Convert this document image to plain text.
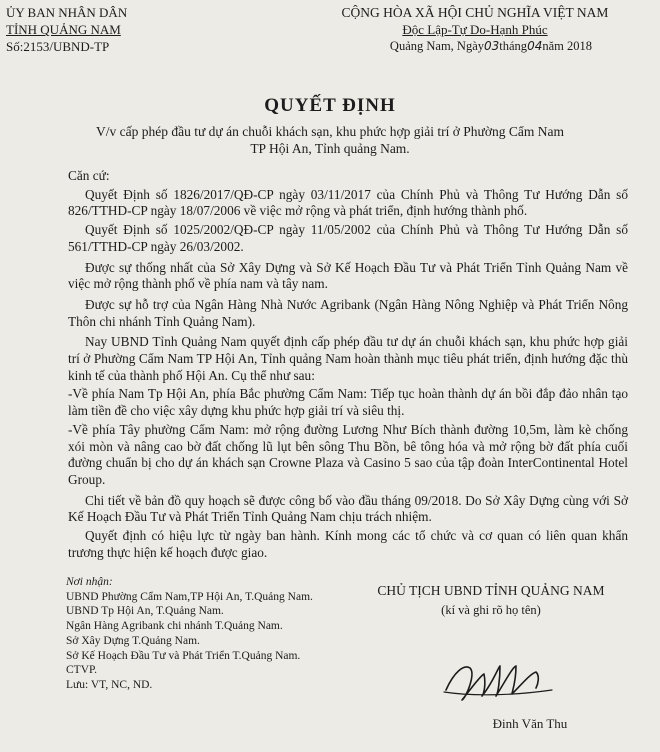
ỦY BAN NHÂN DÂN
TỈNH QUẢNG NAM
Số:2153/UBND-TP
CỘNG HÒA XÃ HỘI CHỦ NGHĨA VIỆT NAM
Độc Lập-Tự Do-Hạnh Phúc
Quảng Nam, Ngày03tháng04năm 2018
QUYẾT ĐỊNH
V/v cấp phép đầu tư dự án chuỗi khách sạn, khu phức hợp giải trí ở Phường Cẩm Nam
TP Hội An, Tỉnh quảng Nam.

Căn cứ:

Quyết Định số 1826/2017/QĐ-CP ngày 03/11/2017 của Chính Phủ và Thông Tư Hướng Dẫn số 826/TTHD-CP ngày 18/07/2006 về việc mở rộng và phát triển, định hướng thành phố.

Quyết Định số 1025/2002/QĐ-CP ngày 11/05/2002 của Chính Phủ và Thông Tư Hướng Dẫn số 561/TTHD-CP ngày 26/03/2002.

Được sự thống nhất của Sở Xây Dựng và Sở Kế Hoạch Đầu Tư và Phát Triển Tỉnh Quảng Nam về việc mở rộng thành phố về phía nam và tây nam.

Được sự hỗ trợ của Ngân Hàng Nhà Nước Agribank (Ngân Hàng Nông Nghiệp và Phát Triển Nông Thôn chi nhánh Tỉnh Quảng Nam).

Nay UBND Tỉnh Quảng Nam quyết định cấp phép đầu tư dự án chuỗi khách sạn, khu phức hợp giải trí ở Phường Cẩm Nam TP Hội An, Tỉnh quảng Nam hoàn thành mục tiêu phát triển, định hướng đặc thù kinh tế của thành phố Hội An. Cụ thể như sau:

-Về phía Nam Tp Hội An, phía Bắc phường Cẩm Nam: Tiếp tục hoàn thành dự án bồi đắp đảo nhân tạo làm tiền đề cho việc xây dựng khu phức hợp giải trí và siêu thị.

-Về phía Tây phường Cẩm Nam: mở rộng đường Lương Như Bích thành đường 10,5m, làm kè chống xói mòn và nâng cao bờ đất chống lũ lụt bên sông Thu Bồn, bê tông hóa và mở rộng bờ đất phía cuối đường chuẩn bị cho dự án khách sạn Crowne Plaza và Casino 5 sao của tập đoàn InterContinental Hotel Group.

Chi tiết về bản đồ quy hoạch sẽ được công bố vào đầu tháng 09/2018. Do Sở Xây Dựng cùng với Sở Kế Hoạch Đầu Tư và Phát Triển Tỉnh Quảng Nam chịu trách nhiệm.

Quyết định có hiệu lực từ ngày ban hành. Kính mong các tổ chức và cơ quan có liên quan khẩn trương thực hiện kế hoạch được giao.

Nơi nhận:
UBND Phường Cẩm Nam,TP Hội An, T.Quảng Nam.
UBND Tp Hội An, T.Quảng Nam.
Ngân Hàng Agribank chi nhánh T.Quảng Nam.
Sở Xây Dựng T.Quảng Nam.
Sở Kế Hoạch Đầu Tư và Phát Triển T.Quảng Nam.
CTVP.
Lưu: VT, NC, ND.
CHỦ TỊCH UBND TỈNH QUẢNG NAM
(kí và ghi rõ họ tên)
Đinh Văn Thu
